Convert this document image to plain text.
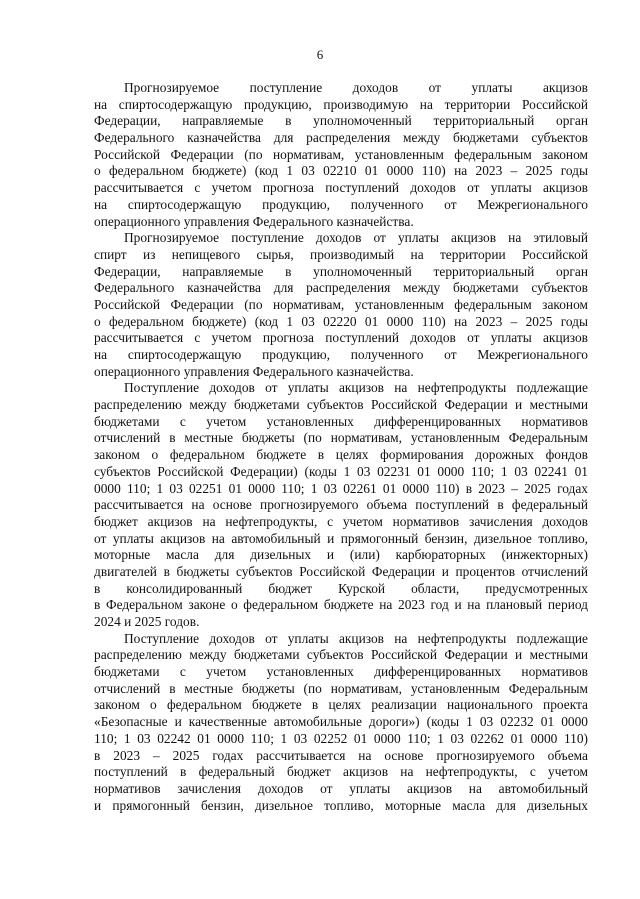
6
Прогнозируемое поступление доходов от уплаты акцизов
на спиртосодержащую продукцию, производимую на территории Российской
Федерации, направляемые в уполномоченный территориальный орган
Федерального казначейства для распределения между бюджетами субъектов
Российской Федерации (по нормативам, установленным федеральным законом
о федеральном бюджете) (код 1 03 02210 01 0000 110) на 2023 – 2025 годы
рассчитывается с учетом прогноза поступлений доходов от уплаты акцизов
на спиртосодержащую продукцию, полученного от Межрегионального
операционного управления Федерального казначейства.
Прогнозируемое поступление доходов от уплаты акцизов на этиловый
спирт из непищевого сырья, производимый на территории Российской
Федерации, направляемые в уполномоченный территориальный орган
Федерального казначейства для распределения между бюджетами субъектов
Российской Федерации (по нормативам, установленным федеральным законом
о федеральном бюджете) (код 1 03 02220 01 0000 110) на 2023 – 2025 годы
рассчитывается с учетом прогноза поступлений доходов от уплаты акцизов
на спиртосодержащую продукцию, полученного от Межрегионального
операционного управления Федерального казначейства.
Поступление доходов от уплаты акцизов на нефтепродукты подлежащие
распределению между бюджетами субъектов Российской Федерации и местными
бюджетами с учетом установленных дифференцированных нормативов
отчислений в местные бюджеты (по нормативам, установленным Федеральным
законом о федеральном бюджете в целях формирования дорожных фондов
субъектов Российской Федерации) (коды 1 03 02231 01 0000 110; 1 03 02241 01
0000 110; 1 03 02251 01 0000 110; 1 03 02261 01 0000 110) в 2023 – 2025 годах
рассчитывается на основе прогнозируемого объема поступлений в федеральный
бюджет акцизов на нефтепродукты, с учетом нормативов зачисления доходов
от уплаты акцизов на автомобильный и прямогонный бензин, дизельное топливо,
моторные масла для дизельных и (или) карбюраторных (инжекторных)
двигателей в бюджеты субъектов Российской Федерации и процентов отчислений
в консолидированный бюджет Курской области, предусмотренных
в Федеральном законе о федеральном бюджете на 2023 год и на плановый период
2024 и 2025 годов.
Поступление доходов от уплаты акцизов на нефтепродукты подлежащие
распределению между бюджетами субъектов Российской Федерации и местными
бюджетами с учетом установленных дифференцированных нормативов
отчислений в местные бюджеты (по нормативам, установленным Федеральным
законом о федеральном бюджете в целях реализации национального проекта
«Безопасные и качественные автомобильные дороги») (коды 1 03 02232 01 0000
110; 1 03 02242 01 0000 110; 1 03 02252 01 0000 110; 1 03 02262 01 0000 110)
в 2023 – 2025 годах рассчитывается на основе прогнозируемого объема
поступлений в федеральный бюджет акцизов на нефтепродукты, с учетом
нормативов зачисления доходов от уплаты акцизов на автомобильный
и прямогонный бензин, дизельное топливо, моторные масла для дизельных
